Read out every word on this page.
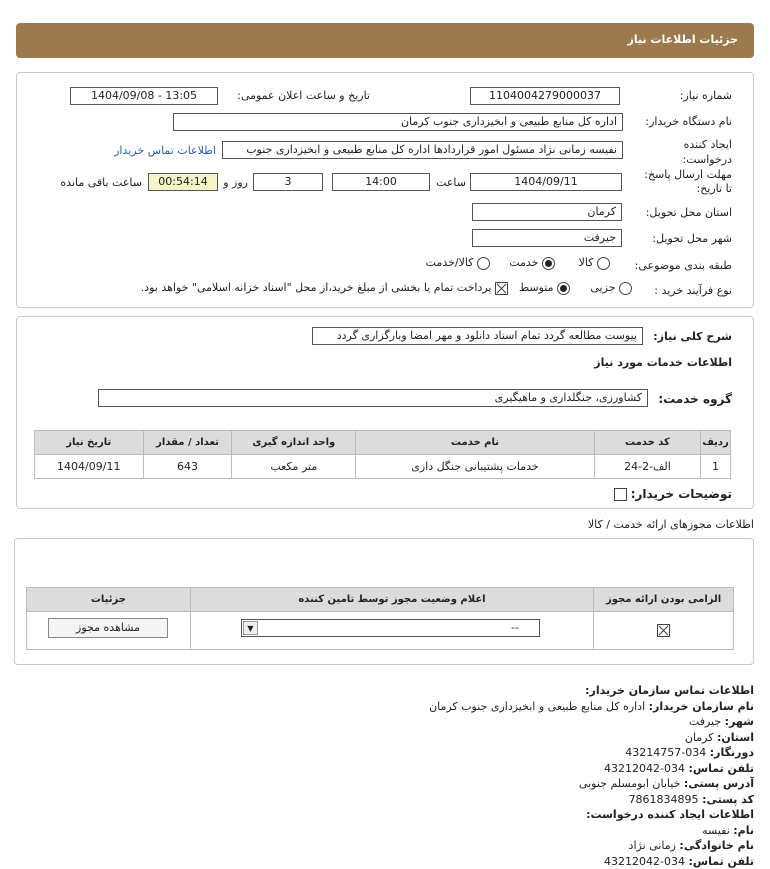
جزئیات اطلاعات نیاز
شماره نیاز:
1104004279000037
تاریخ و ساعت اعلان عمومی:
1404/09/08 - 13:05
نام دستگاه خریدار:
اداره کل منابع طبیعی و ابخیزداری جنوب کرمان
ایجاد کننده
درخواست:
نفیسه زمانی نژاد مسئول امور قراردادها اداره کل منابع طبیعی و ابخیزداری جنوب
اطلاعات تماس خریدار
مهلت ارسال پاسخ:
تا تاریخ:
1404/09/11
ساعت
14:00
3
روز و
00:54:14
ساعت باقی مانده
استان محل تحویل:
کرمان
شهر محل تحویل:
جیرفت
طبقه بندی موضوعی:
کالا
خدمت
کالا/خدمت
نوع فرآیند خرید :
جزیی
متوسط
پرداخت تمام یا بخشی از مبلغ خرید،از محل "اسناد خزانه اسلامی" خواهد بود.
شرح کلی نیاز:
پیوست مطالعه گردد تمام اسناد دانلود و مهر امضا وبارگزاری گردد
اطلاعات خدمات مورد نیاز
گروه خدمت:
کشاورزی، جنگلداری و ماهیگیری
ردیف	کد خدمت	نام خدمت	واحد اندازه گیری	تعداد / مقدار	تاریخ نیاز
1	الف-2-24	خدمات پشتیبانی جنگل داری	متر مکعب	643	1404/09/11
توضیحات خریدار:
اطلاعات مجوزهای ارائه خدمت / کالا
الزامی بودن ارائه مجوز	اعلام وضعیت مجوز توسط تامین کننده	جزئیات

▼	--
مشاهده مجوز
اطلاعات تماس سازمان خریدار:
نام سازمان خریدار: اداره کل منابع طبیعی و ابخیزداری جنوب کرمان
شهر: جیرفت
استان: کرمان
دورنگار: 034-43214757
تلفن تماس: 034-43212042
آدرس پستی: خیابان ابومسلم جنوبی
کد پستی: 7861834895
اطلاعات ایجاد کننده درخواست:
نام: نفیسه
نام خانوادگی: زمانی نژاد
تلفن تماس: 034-43212042
